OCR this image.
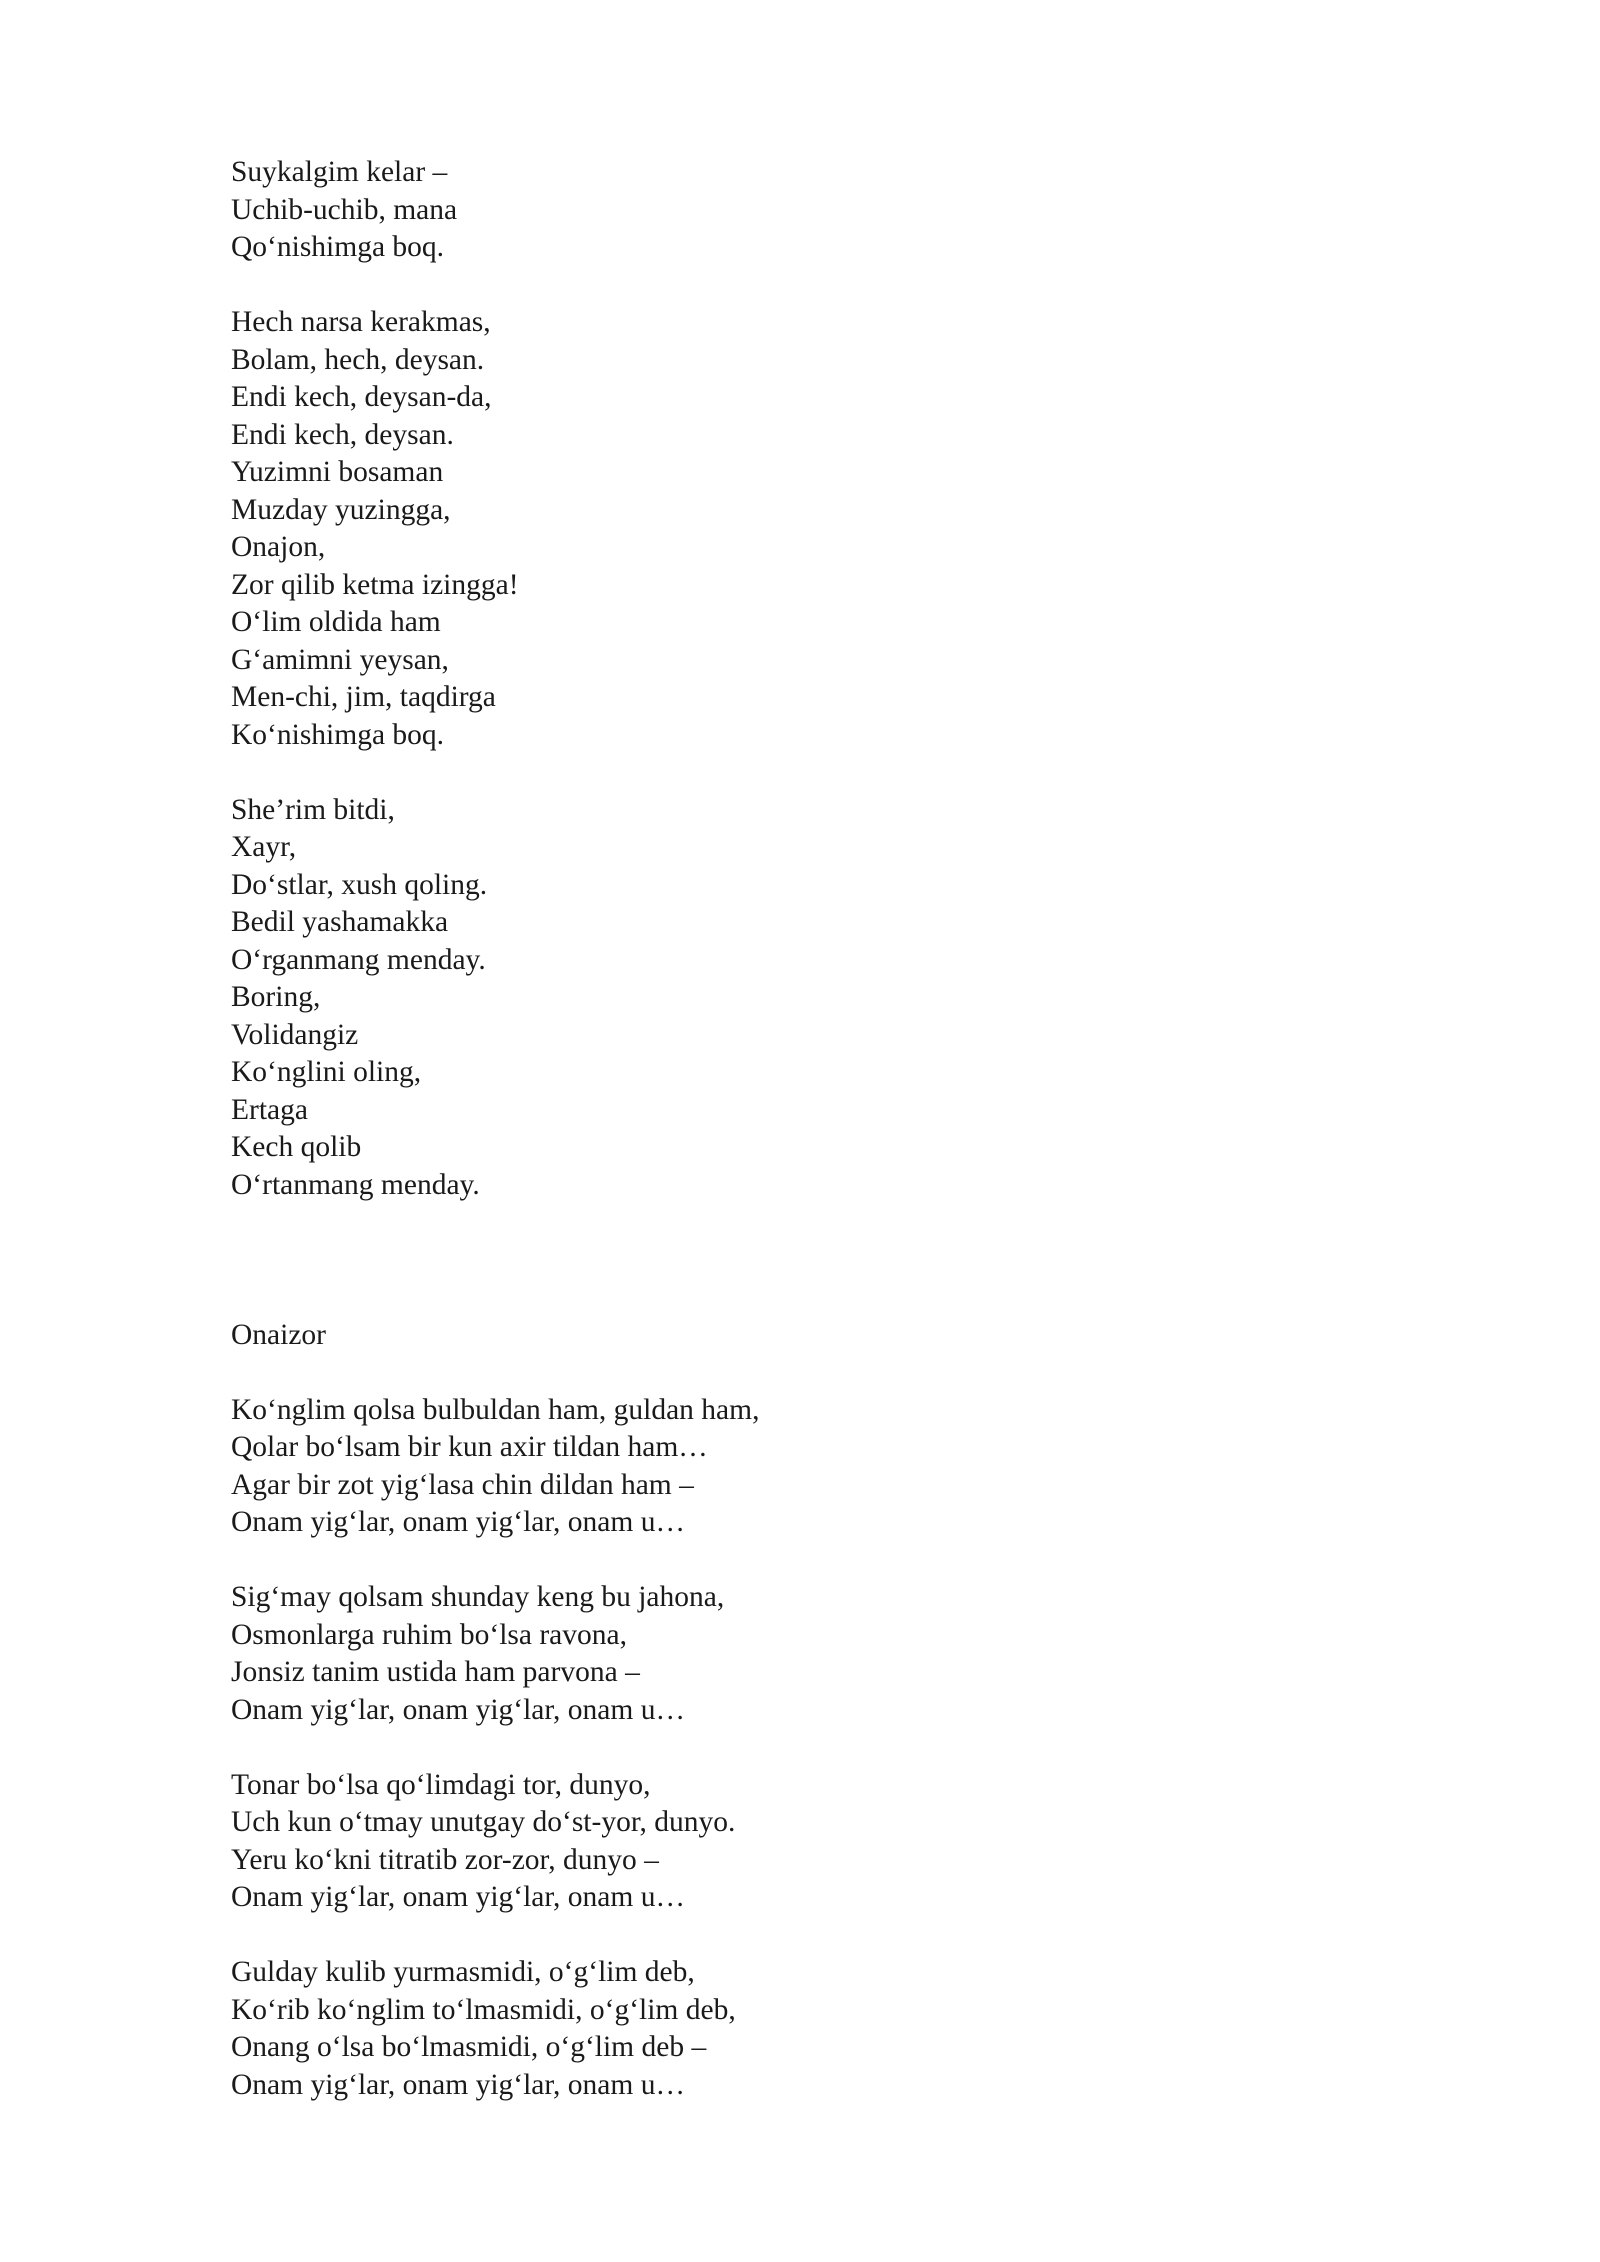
Suykalgim kelar –
Uchib-uchib, mana
Qo‘nishimga boq.
Hech narsa kerakmas,
Bolam, hech, deysan.
Endi kech, deysan-da,
Endi kech, deysan.
Yuzimni bosaman
Muzday yuzingga,
Onajon,
Zor qilib ketma izingga!
O‘lim oldida ham
G‘amimni yeysan,
Men-chi, jim, taqdirga
Ko‘nishimga boq.
She’rim bitdi,
Xayr,
Do‘stlar, xush qoling.
Bedil yashamakka
O‘rganmang menday.
Boring,
Volidangiz
Ko‘nglini oling,
Ertaga
Kech qolib
O‘rtanmang menday.
Onaizor
Ko‘nglim qolsa bulbuldan ham, guldan ham,
Qolar bo‘lsam bir kun axir tildan ham…
Agar bir zot yig‘lasa chin dildan ham –
Onam yig‘lar, onam yig‘lar, onam u…
Sig‘may qolsam shunday keng bu jahona,
Osmonlarga ruhim bo‘lsa ravona,
Jonsiz tanim ustida ham parvona –
Onam yig‘lar, onam yig‘lar, onam u…
Tonar bo‘lsa qo‘limdagi tor, dunyo,
Uch kun o‘tmay unutgay do‘st-yor, dunyo.
Yeru ko‘kni titratib zor-zor, dunyo –
Onam yig‘lar, onam yig‘lar, onam u…
Gulday kulib yurmasmidi, o‘g‘lim deb,
Ko‘rib ko‘nglim to‘lmasmidi, o‘g‘lim deb,
Onang o‘lsa bo‘lmasmidi, o‘g‘lim deb –
Onam yig‘lar, onam yig‘lar, onam u…
